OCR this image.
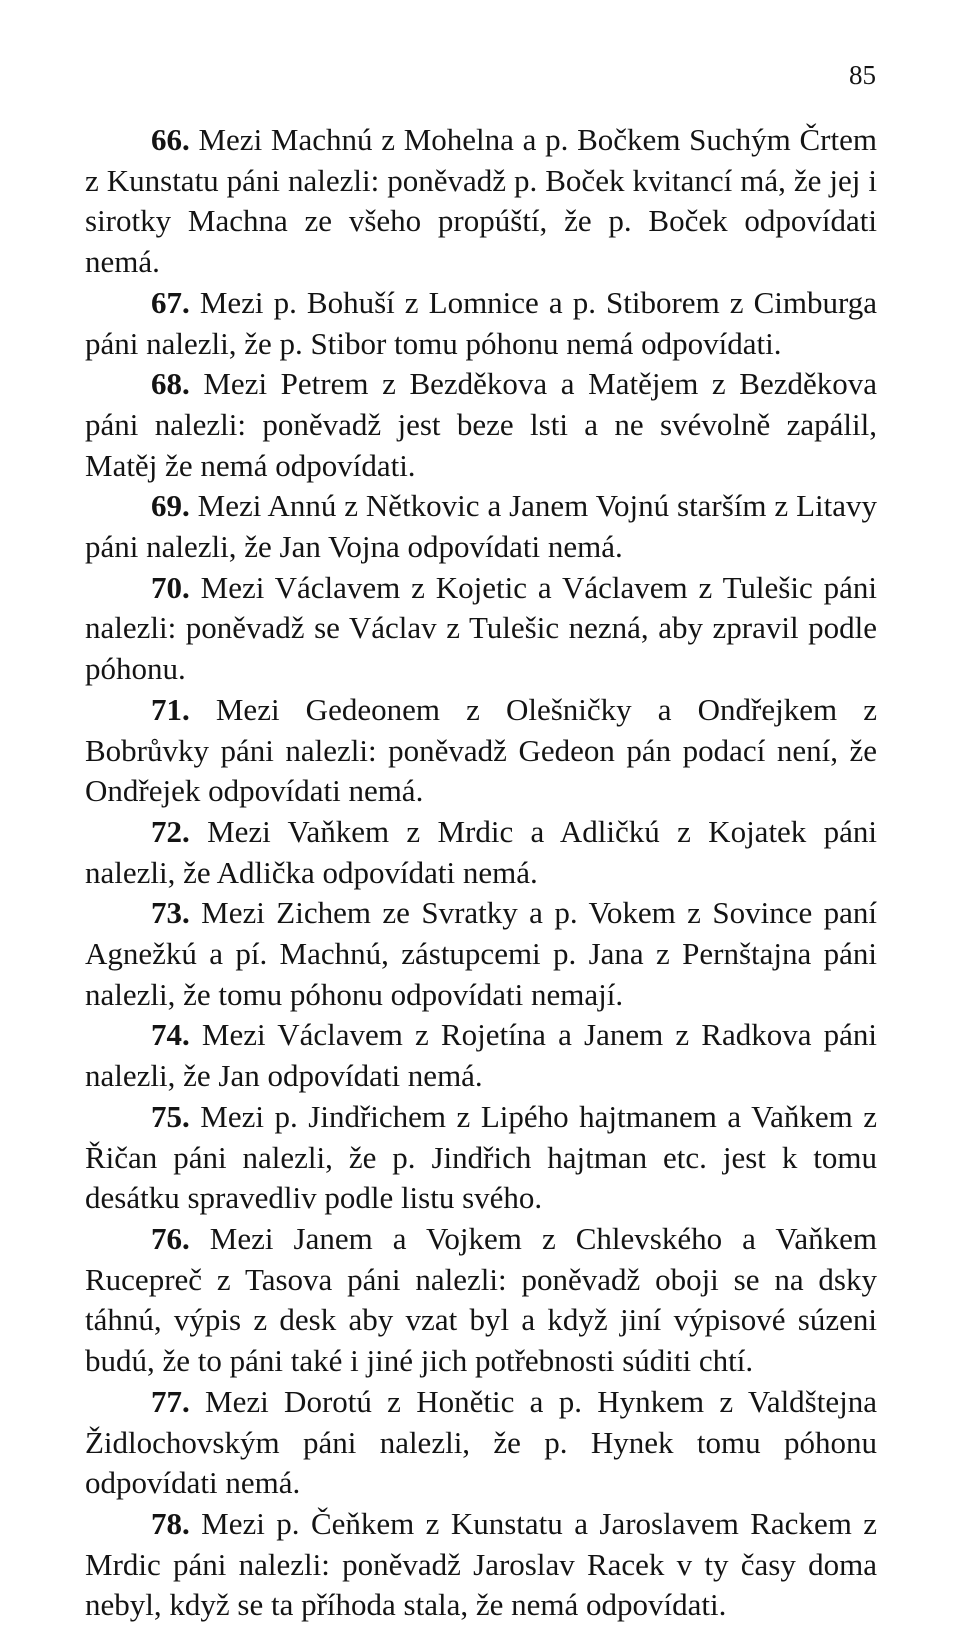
85

66. Mezi Machnú z Mohelna a p. Bočkem Suchým Črtem z Kunstatu páni nalezli: poněvadž p. Boček kvitancí má, že jej i sirotky Machna ze všeho propúští, že p. Boček odpovídati nemá.

67. Mezi p. Bohuší z Lomnice a p. Stiborem z Cimburga páni nalezli, že p. Stibor tomu póhonu nemá odpovídati.

68. Mezi Petrem z Bezděkova a Matějem z Bezděkova páni nalezli: poněvadž jest beze lsti a ne svévolně zapálil, Matěj že nemá odpovídati.

69. Mezi Annú z Nětkovic a Janem Vojnú starším z Litavy páni nalezli, že Jan Vojna odpovídati nemá.

70. Mezi Václavem z Kojetic a Václavem z Tulešic páni nalezli: poněvadž se Václav z Tulešic nezná, aby zpravil podle póhonu.

71. Mezi Gedeonem z Olešničky a Ondřejkem z Bobrůvky páni nalezli: poněvadž Gedeon pán podací není, že Ondřejek odpovídati nemá.

72. Mezi Vaňkem z Mrdic a Adličkú z Kojatek páni nalezli, že Adlička odpovídati nemá.

73. Mezi Zichem ze Svratky a p. Vokem z Sovince paní Agnežkú a pí. Machnú, zástupcemi p. Jana z Pernštajna páni nalezli, že tomu póhonu odpovídati nemají.

74. Mezi Václavem z Rojetína a Janem z Radkova páni nalezli, že Jan odpovídati nemá.

75. Mezi p. Jindřichem z Lipého hajtmanem a Vaňkem z Řičan páni nalezli, že p. Jindřich hajtman etc. jest k tomu desátku spravedliv podle listu svého.

76. Mezi Janem a Vojkem z Chlevského a Vaňkem Rucepreč z Tasova páni nalezli: poněvadž oboji se na dsky táhnú, výpis z desk aby vzat byl a když jiní výpisové súzeni budú, že to páni také i jiné jich potřebnosti súditi chtí.

77. Mezi Dorotú z Honětic a p. Hynkem z Valdštejna Židlochovským páni nalezli, že p. Hynek tomu póhonu odpovídati nemá.

78. Mezi p. Čeňkem z Kunstatu a Jaroslavem Rackem z Mrdic páni nalezli: poněvadž Jaroslav Racek v ty časy doma nebyl, když se ta příhoda stala, že nemá odpovídati.
